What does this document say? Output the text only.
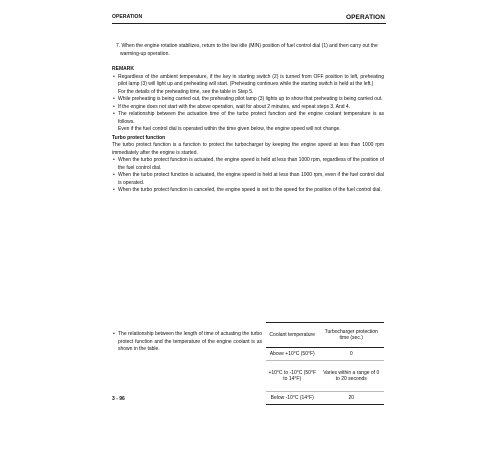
OPERATION	OPERATION

7. When the engine rotation stabilizes, return to the low idle (MIN) position of fuel control dial (1) and then carry out the warming-up operation.

REMARK
• Regardless of the ambient temperature, if the key in starting switch (2) is turned from OFF position to left, preheating pilot lamp (3) will light up and preheating will start. (Preheating continues while the starting switch is held at the left.)
For the details of the preheating time, see the table in Step 5.
• While preheating is being carried out, the preheating pilot lamp (3) lights up to show that preheating is being carried out.
• If the engine does not start with the above operation, wait for about 2 minutes, and repeat steps 3. And 4.
• The relationship between the actuation time of the turbo protect function and the engine coolant temperature is as follows.
Even if the fuel control dial is operated within the time given below, the engine speed will not change.
Turbo protect function
The turbo protect function is a function to protect the turbocharger by keeping the engine speed at less than 1000 rpm immediately after the engine is started.
• When the turbo protect function is actuated, the engine speed is held at less than 1000 rpm, regardless of the position of the fuel control dial.
• When the turbo protect function is actuated, the engine speed is held at less than 1000 rpm, even if the fuel control dial is operated.
• When the turbo protect function is canceled, the engine speed is set to the speed for the position of the fuel control dial.
• The relationship between the length of time of actuating the turbo protect function and the temperature of the engine coolant is as shown in the table.
Coolant temperature	Turbocharger protection time (sec.)
Above +10°C (50°F)	0
+10°C to -10°C (50°F to 14°F)	Varies within a range of 0 to 20 seconds
Below -10°C (14°F)	20
3 - 96
